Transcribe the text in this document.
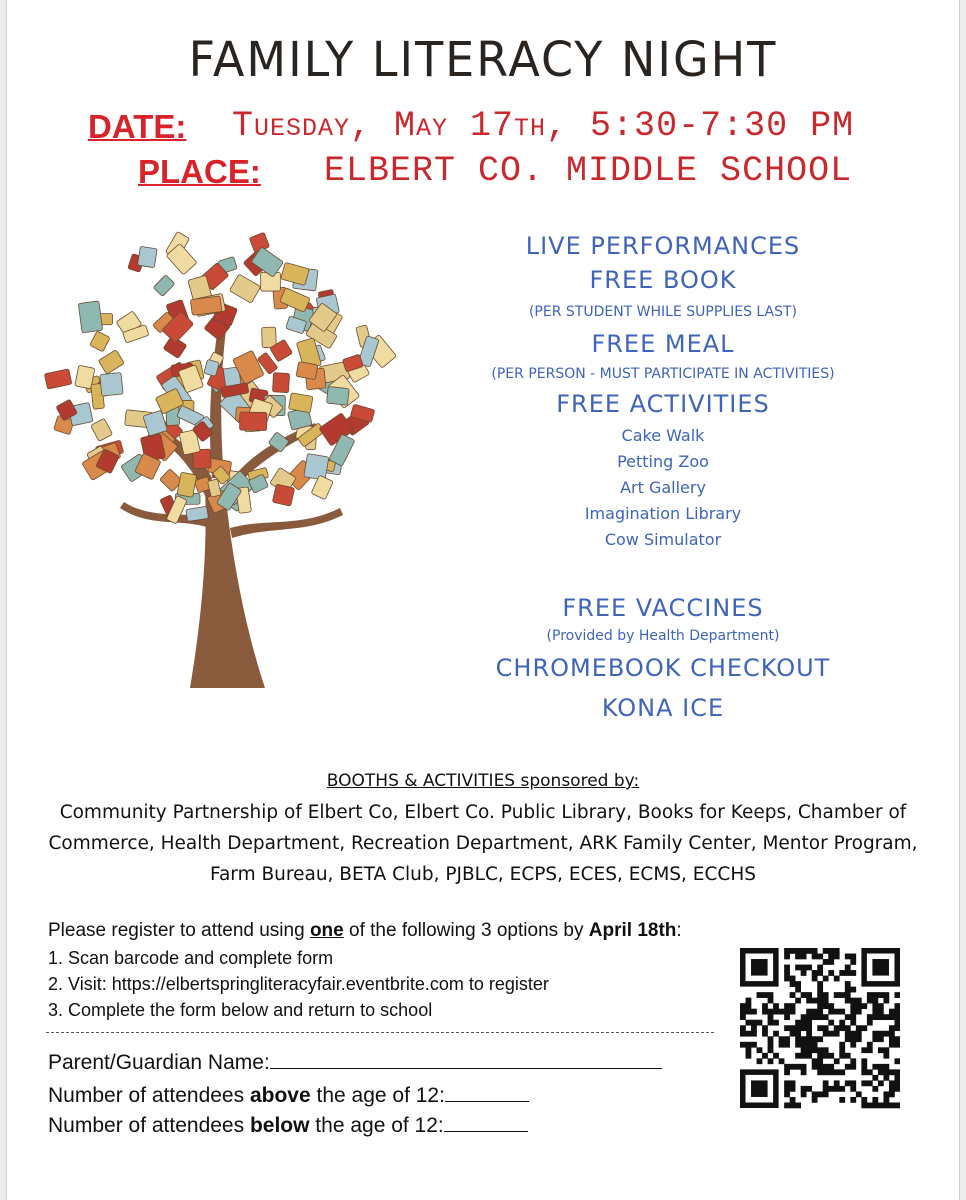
FAMILY LITERACY NIGHT
DATE: Tuesday, May 17th, 5:30-7:30 PM
PLACE: ELBERT CO. MIDDLE SCHOOL
LIVE PERFORMANCES
FREE BOOK
(PER STUDENT WHILE SUPPLIES LAST)
FREE MEAL
(PER PERSON - MUST PARTICIPATE IN ACTIVITIES)
FREE ACTIVITIES
Cake Walk
Petting Zoo
Art Gallery
Imagination Library
Cow Simulator
FREE VACCINES
(Provided by Health Department)
CHROMEBOOK CHECKOUT
KONA ICE
BOOTHS & ACTIVITIES sponsored by:
Community Partnership of Elbert Co, Elbert Co. Public Library, Books for Keeps, Chamber of
Commerce, Health Department, Recreation Department, ARK Family Center, Mentor Program,
Farm Bureau, BETA Club, PJBLC, ECPS, ECES, ECMS, ECCHS
Please register to attend using one of the following 3 options by April 18th:
1. Scan barcode and complete form
2. Visit: https://elbertspringliteracyfair.eventbrite.com to register
3. Complete the form below and return to school
Parent/Guardian Name:
Number of attendees above the age of 12:
Number of attendees below the age of 12:
